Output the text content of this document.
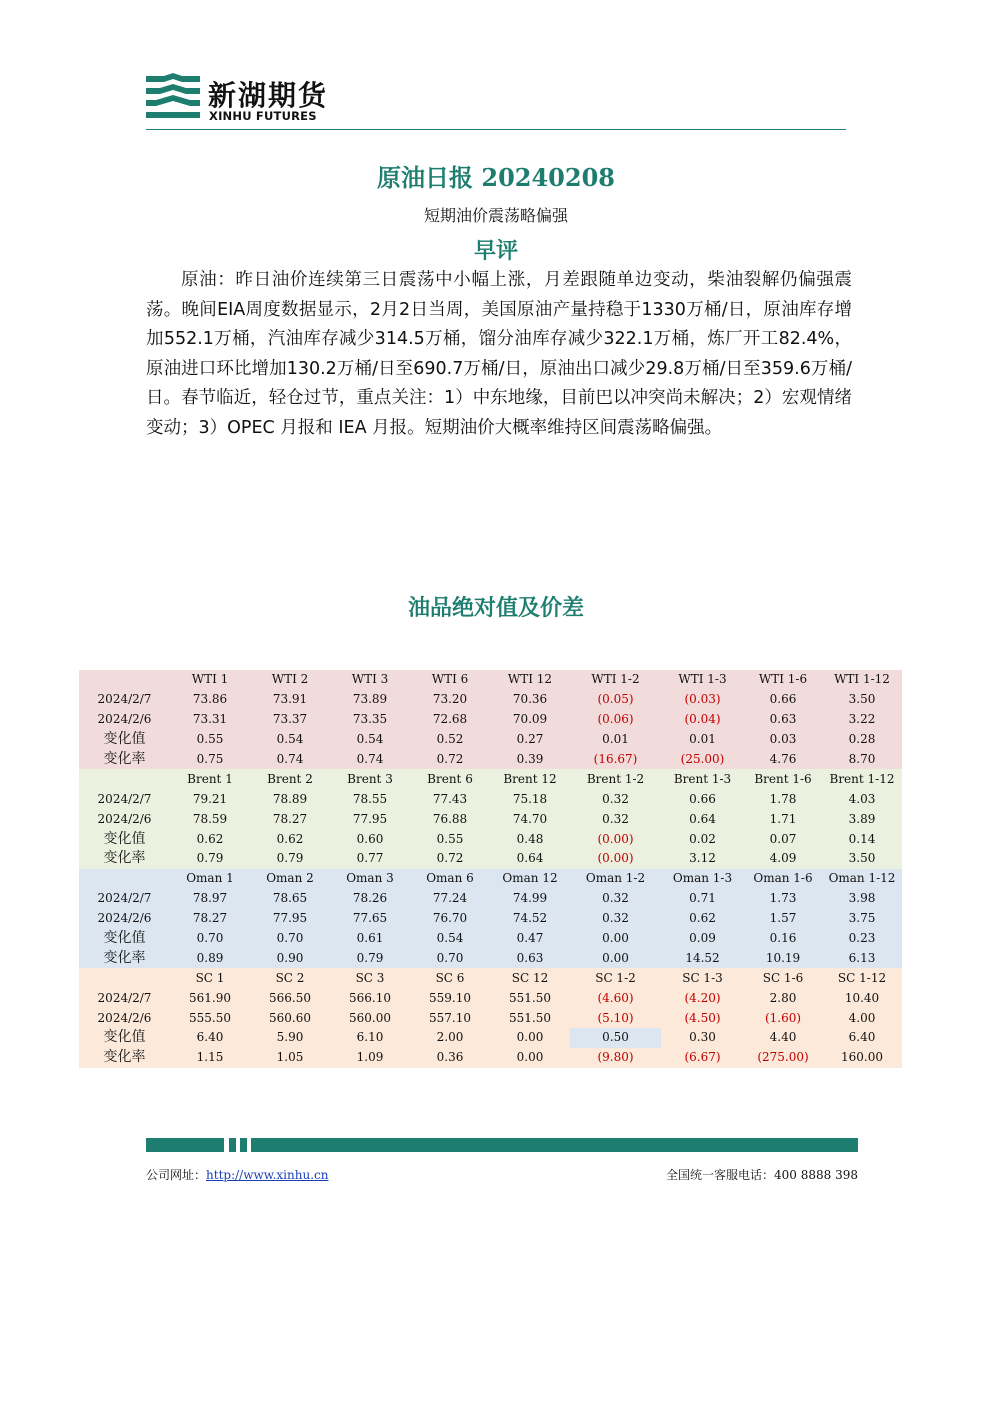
新湖期货
XINHU FUTURES
原油日报 20240208
短期油价震荡略偏强
早评

原油：昨日油价连续第三日震荡中小幅上涨，月差跟随单边变动，柴油裂解仍偏强震荡。晚间EIA周度数据显示，2月2日当周，美国原油产量持稳于1330万桶/日，原油库存增加552.1万桶，汽油库存减少314.5万桶，馏分油库存减少322.1万桶，炼厂开工82.4%，原油进口环比增加130.2万桶/日至690.7万桶/日，原油出口减少29.8万桶/日至359.6万桶/日。春节临近，轻仓过节，重点关注：1）中东地缘，目前巴以冲突尚未解决；2）宏观情绪变动；3）OPEC 月报和 IEA 月报。短期油价大概率维持区间震荡略偏强。

油品绝对值及价差
	WTI 1	WTI 2	WTI 3	WTI 6	WTI 12	WTI 1-2	WTI 1-3	WTI 1-6	WTI 1-12
2024/2/7	73.86	73.91	73.89	73.20	70.36	(0.05)	(0.03)	0.66	3.50
2024/2/6	73.31	73.37	73.35	72.68	70.09	(0.06)	(0.04)	0.63	3.22
变化值	0.55	0.54	0.54	0.52	0.27	0.01	0.01	0.03	0.28
变化率	0.75	0.74	0.74	0.72	0.39	(16.67)	(25.00)	4.76	8.70
	Brent 1	Brent 2	Brent 3	Brent 6	Brent 12	Brent 1-2	Brent 1-3	Brent 1-6	Brent 1-12
2024/2/7	79.21	78.89	78.55	77.43	75.18	0.32	0.66	1.78	4.03
2024/2/6	78.59	78.27	77.95	76.88	74.70	0.32	0.64	1.71	3.89
变化值	0.62	0.62	0.60	0.55	0.48	(0.00)	0.02	0.07	0.14
变化率	0.79	0.79	0.77	0.72	0.64	(0.00)	3.12	4.09	3.50
	Oman 1	Oman 2	Oman 3	Oman 6	Oman 12	Oman 1-2	Oman 1-3	Oman 1-6	Oman 1-12
2024/2/7	78.97	78.65	78.26	77.24	74.99	0.32	0.71	1.73	3.98
2024/2/6	78.27	77.95	77.65	76.70	74.52	0.32	0.62	1.57	3.75
变化值	0.70	0.70	0.61	0.54	0.47	0.00	0.09	0.16	0.23
变化率	0.89	0.90	0.79	0.70	0.63	0.00	14.52	10.19	6.13
	SC 1	SC 2	SC 3	SC 6	SC 12	SC 1-2	SC 1-3	SC 1-6	SC 1-12
2024/2/7	561.90	566.50	566.10	559.10	551.50	(4.60)	(4.20)	2.80	10.40
2024/2/6	555.50	560.60	560.00	557.10	551.50	(5.10)	(4.50)	(1.60)	4.00
变化值	6.40	5.90	6.10	2.00	0.00	0.50	0.30	4.40	6.40
变化率	1.15	1.05	1.09	0.36	0.00	(9.80)	(6.67)	(275.00)	160.00
公司网址：http://www.xinhu.cn	全国统一客服电话：400 8888 398
